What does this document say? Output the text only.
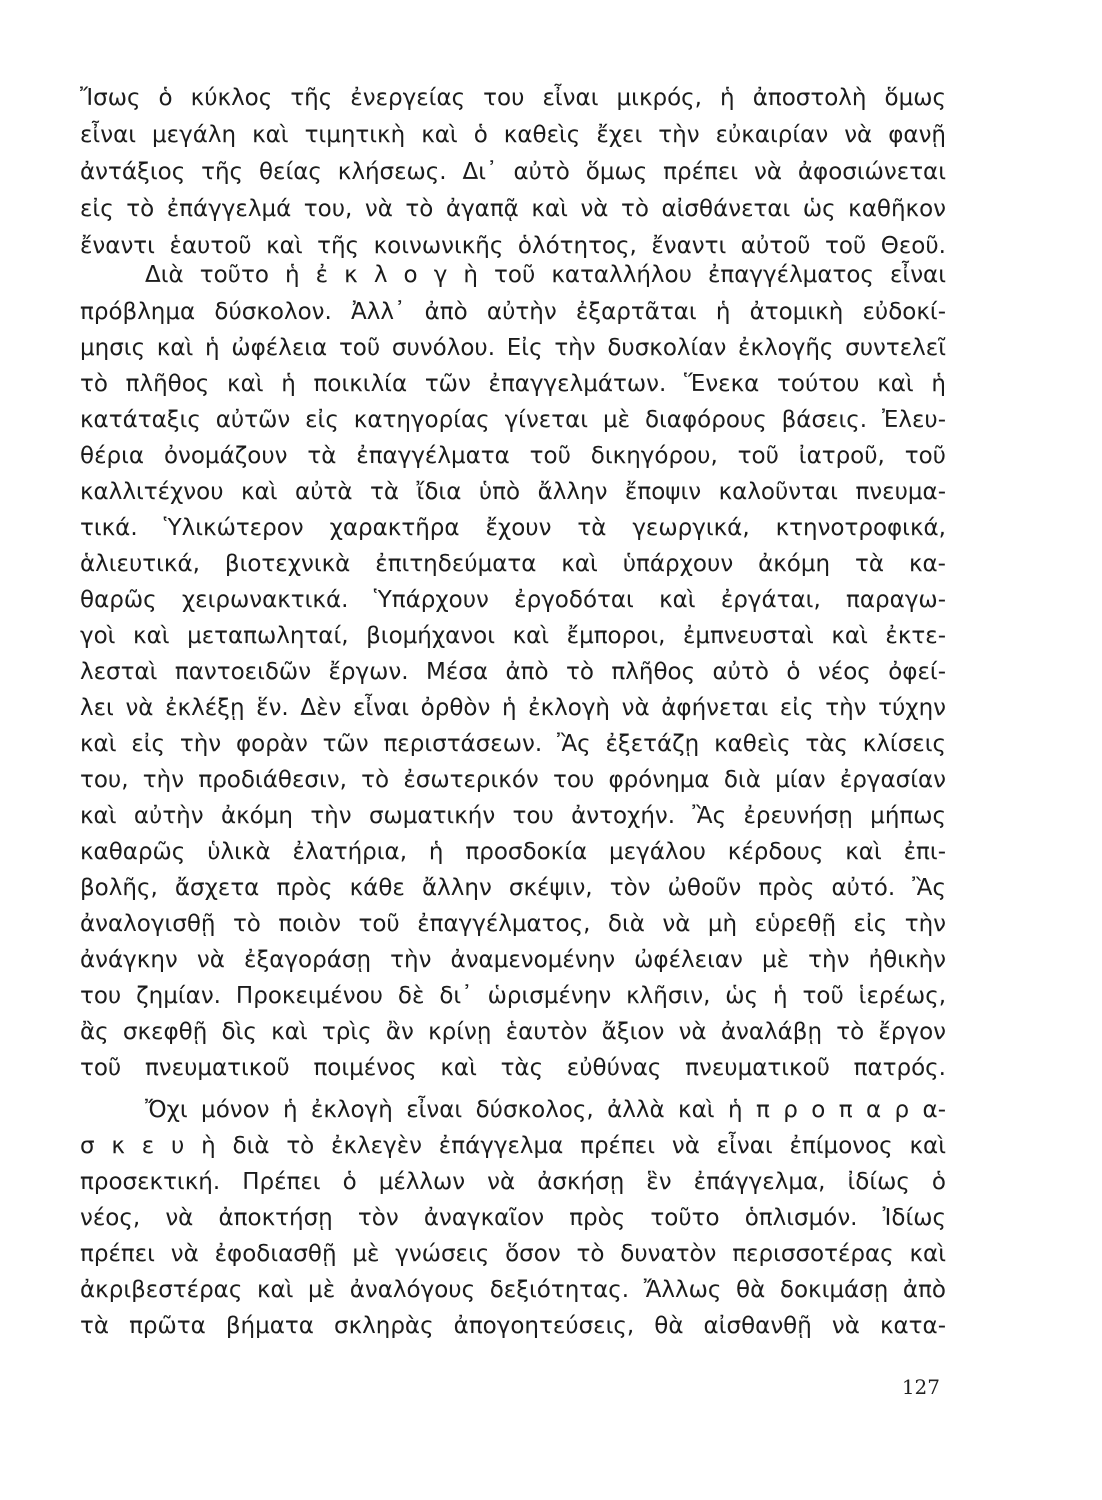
Ἴσως ὁ κύκλος τῆς ἐνεργείας του εἶναι μικρός, ἡ ἀποστολὴ ὅμως
εἶναι μεγάλη καὶ τιμητικὴ καὶ ὁ καθεὶς ἔχει τὴν εὐκαιρίαν νὰ φανῇ
ἀντάξιος τῆς θείας κλήσεως. Δι᾽ αὐτὸ ὅμως πρέπει νὰ ἀφοσιώνεται
εἰς τὸ ἐπάγγελμά του, νὰ τὸ ἀγαπᾷ καὶ νὰ τὸ αἰσθάνεται ὡς καθῆκον
ἔναντι ἑαυτοῦ καὶ τῆς κοινωνικῆς ὁλότητος, ἔναντι αὐτοῦ τοῦ Θεοῦ.
Διὰ τοῦτο ἡ ἐ κ λ ο γ ὴ τοῦ καταλλήλου ἐπαγγέλματος εἶναι
πρόβλημα δύσκολον. Ἀλλ᾽ ἀπὸ αὐτὴν ἐξαρτᾶται ἡ ἀτομικὴ εὐδοκί-
μησις καὶ ἡ ὠφέλεια τοῦ συνόλου. Εἰς τὴν δυσκολίαν ἐκλογῆς συντελεῖ
τὸ πλῆθος καὶ ἡ ποικιλία τῶν ἐπαγγελμάτων. Ἕνεκα τούτου καὶ ἡ
κατάταξις αὐτῶν εἰς κατηγορίας γίνεται μὲ διαφόρους βάσεις. Ἐλευ-
θέρια ὀνομάζουν τὰ ἐπαγγέλματα τοῦ δικηγόρου, τοῦ ἰατροῦ, τοῦ
καλλιτέχνου καὶ αὐτὰ τὰ ἴδια ὑπὸ ἄλλην ἔποψιν καλοῦνται πνευμα-
τικά. Ὑλικώτερον χαρακτῆρα ἔχουν τὰ γεωργικά, κτηνοτροφικά,
ἁλιευτικά, βιοτεχνικὰ ἐπιτηδεύματα καὶ ὑπάρχουν ἀκόμη τὰ κα-
θαρῶς χειρωνακτικά. Ὑπάρχουν ἐργοδόται καὶ ἐργάται, παραγω-
γοὶ καὶ μεταπωληταί, βιομήχανοι καὶ ἔμποροι, ἐμπνευσταὶ καὶ ἐκτε-
λεσταὶ παντοειδῶν ἔργων. Μέσα ἀπὸ τὸ πλῆθος αὐτὸ ὁ νέος ὀφεί-
λει νὰ ἐκλέξῃ ἕν. Δὲν εἶναι ὀρθὸν ἡ ἐκλογὴ νὰ ἀφήνεται εἰς τὴν τύχην
καὶ εἰς τὴν φορὰν τῶν περιστάσεων. Ἂς ἐξετάζῃ καθεὶς τὰς κλίσεις
του, τὴν προδιάθεσιν, τὸ ἐσωτερικόν του φρόνημα διὰ μίαν ἐργασίαν
καὶ αὐτὴν ἀκόμη τὴν σωματικήν του ἀντοχήν. Ἂς ἐρευνήσῃ μήπως
καθαρῶς ὑλικὰ ἐλατήρια, ἡ προσδοκία μεγάλου κέρδους καὶ ἐπι-
βολῆς, ἄσχετα πρὸς κάθε ἄλλην σκέψιν, τὸν ὠθοῦν πρὸς αὐτό. Ἂς
ἀναλογισθῇ τὸ ποιὸν τοῦ ἐπαγγέλματος, διὰ νὰ μὴ εὑρεθῇ εἰς τὴν
ἀνάγκην νὰ ἐξαγοράσῃ τὴν ἀναμενομένην ὠφέλειαν μὲ τὴν ἠθικὴν
του ζημίαν. Προκειμένου δὲ δι᾽ ὡρισμένην κλῆσιν, ὡς ἡ τοῦ ἱερέως,
ἂς σκεφθῇ δὶς καὶ τρὶς ἂν κρίνῃ ἑαυτὸν ἄξιον νὰ ἀναλάβῃ τὸ ἔργον
τοῦ πνευματικοῦ ποιμένος καὶ τὰς εὐθύνας πνευματικοῦ πατρός.
Ὄχι μόνον ἡ ἐκλογὴ εἶναι δύσκολος, ἀλλὰ καὶ ἡ π ρ ο π α ρ α-
σ κ ε υ ὴ διὰ τὸ ἐκλεγὲν ἐπάγγελμα πρέπει νὰ εἶναι ἐπίμονος καὶ
προσεκτική. Πρέπει ὁ μέλλων νὰ ἀσκήσῃ ἓν ἐπάγγελμα, ἰδίως ὁ
νέος, νὰ ἀποκτήσῃ τὸν ἀναγκαῖον πρὸς τοῦτο ὁπλισμόν. Ἰδίως
πρέπει νὰ ἐφοδιασθῇ μὲ γνώσεις ὅσον τὸ δυνατὸν περισσοτέρας καὶ
ἀκριβεστέρας καὶ μὲ ἀναλόγους δεξιότητας. Ἄλλως θὰ δοκιμάσῃ ἀπὸ
τὰ πρῶτα βήματα σκληρὰς ἀπογοητεύσεις, θὰ αἰσθανθῇ νὰ κατα-
127
